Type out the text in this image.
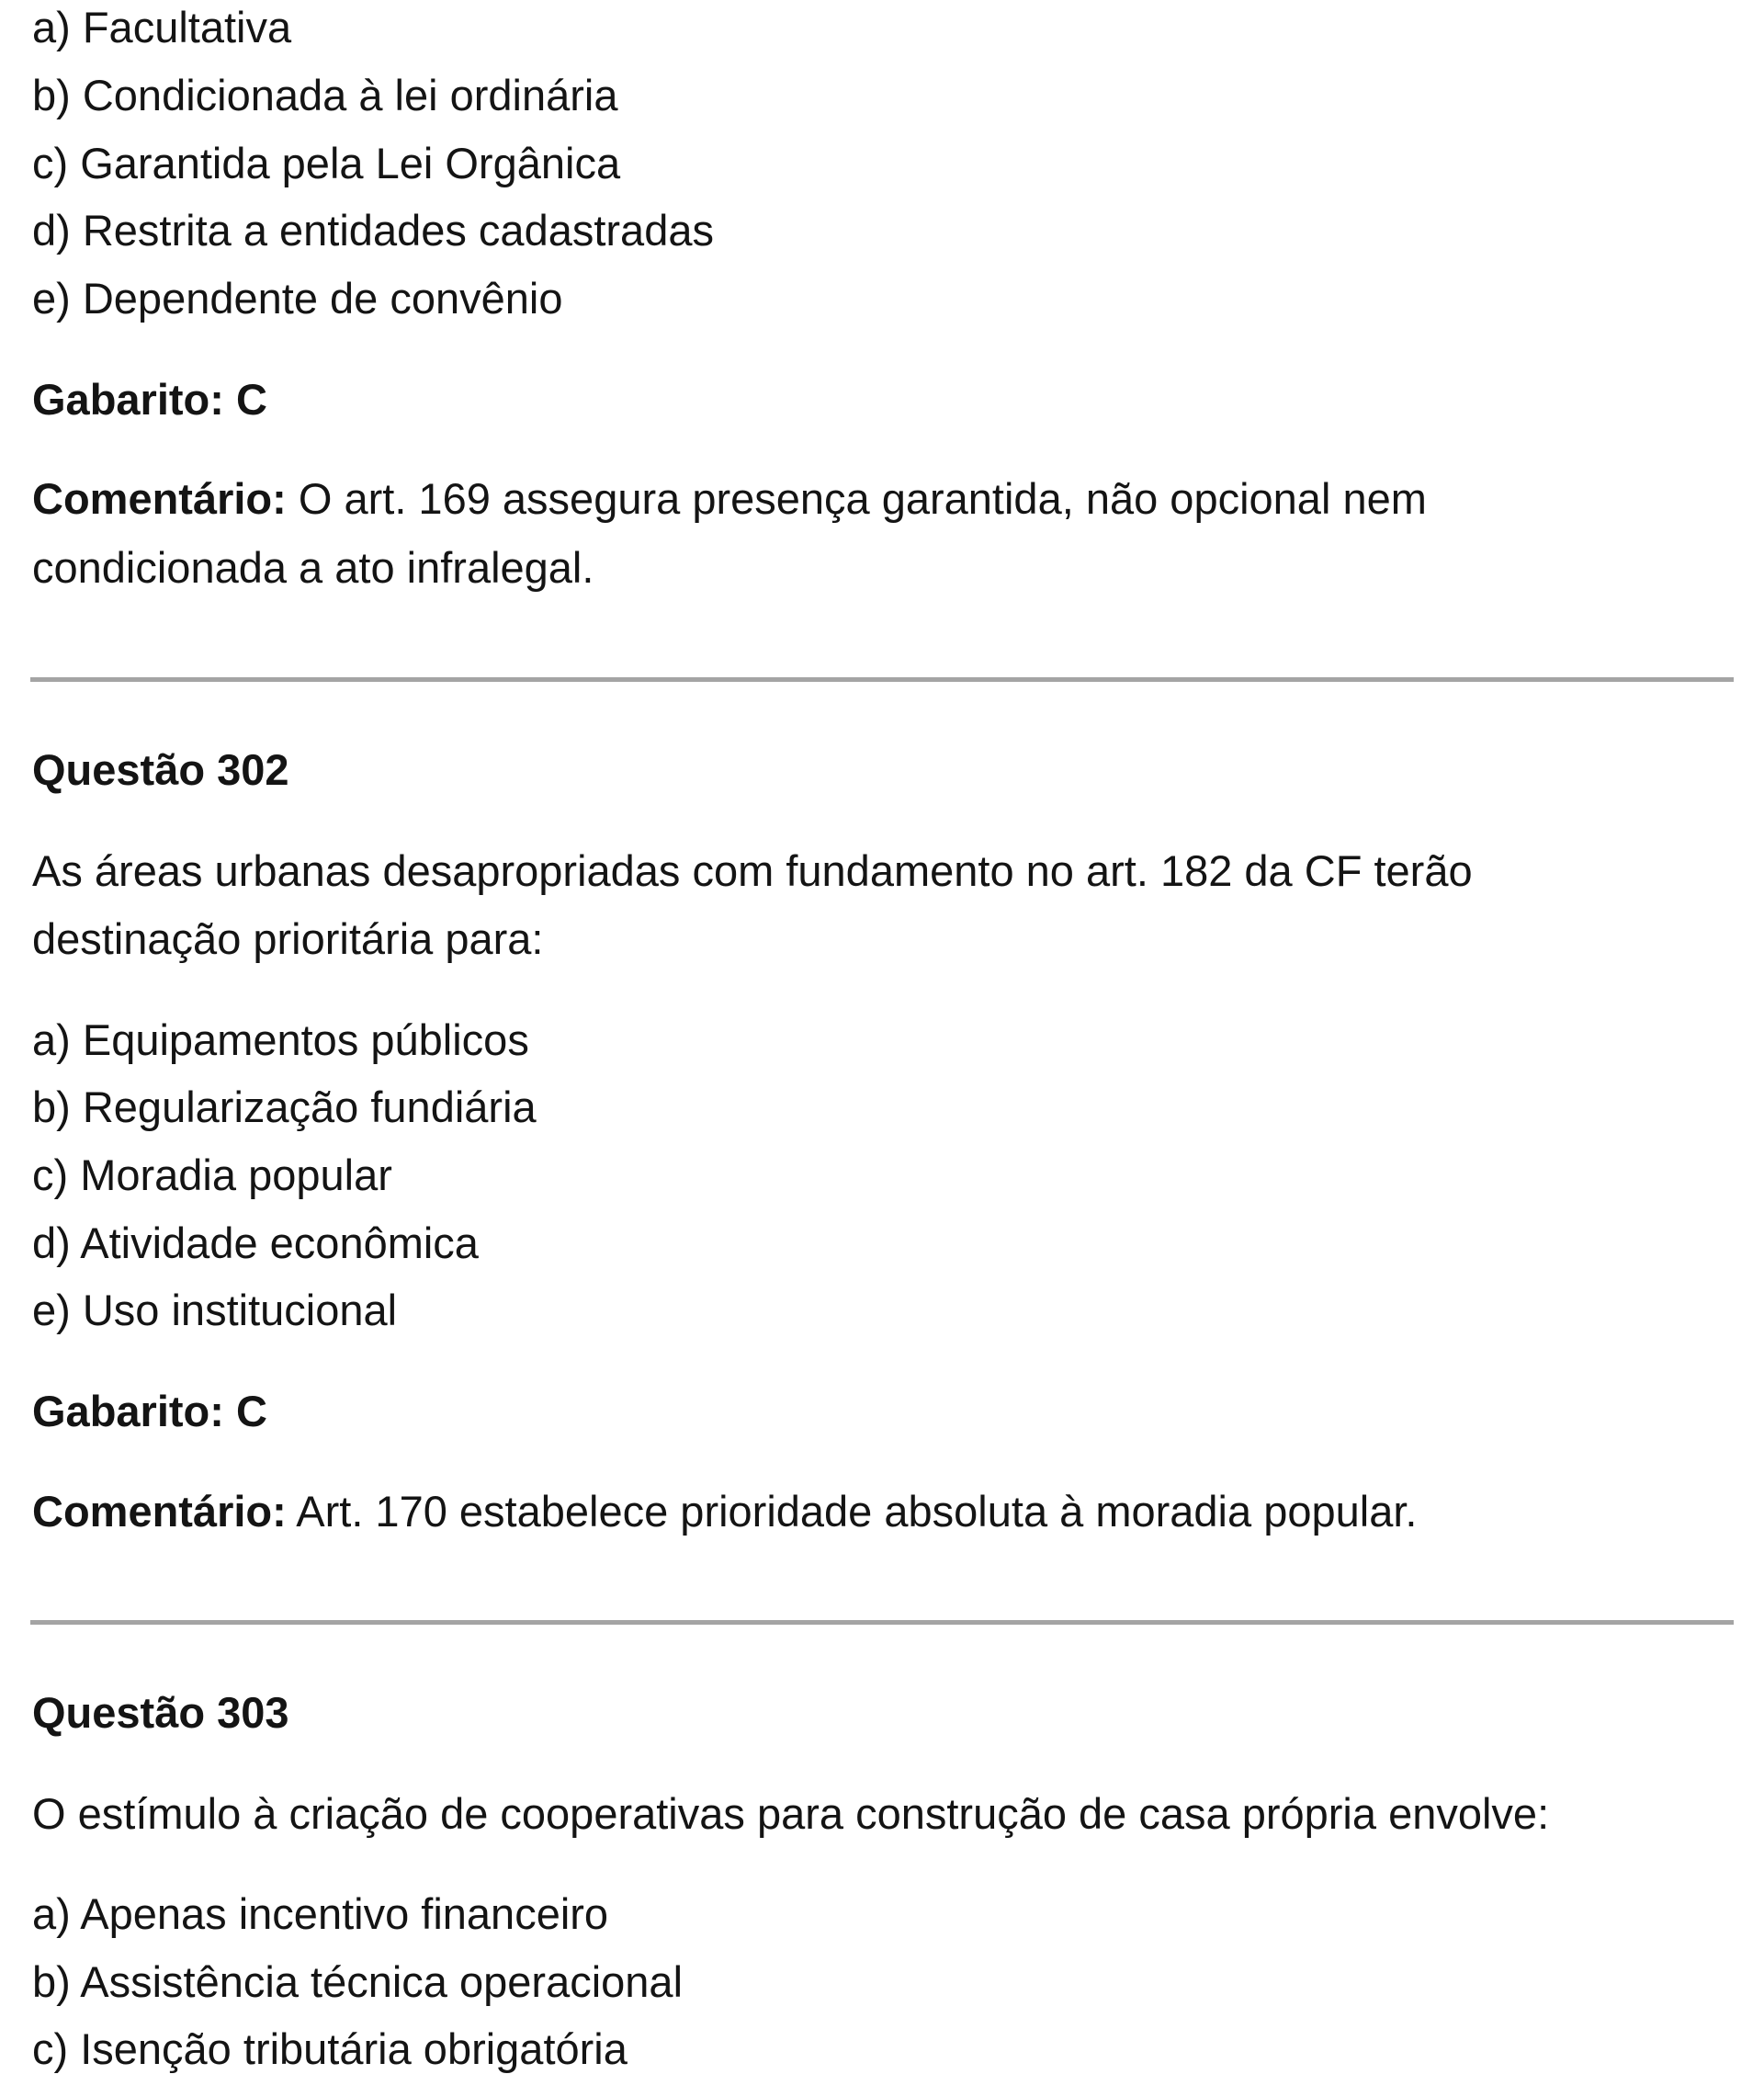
a) Facultativa

b) Condicionada à lei ordinária

c) Garantida pela Lei Orgânica

d) Restrita a entidades cadastradas

e) Dependente de convênio

Gabarito: C

Comentário: O art. 169 assegura presença garantida, não opcional nem

condicionada a ato infralegal.

Questão 302

As áreas urbanas desapropriadas com fundamento no art. 182 da CF terão

destinação prioritária para:

a) Equipamentos públicos

b) Regularização fundiária

c) Moradia popular

d) Atividade econômica

e) Uso institucional

Gabarito: C

Comentário: Art. 170 estabelece prioridade absoluta à moradia popular.

Questão 303

O estímulo à criação de cooperativas para construção de casa própria envolve:

a) Apenas incentivo financeiro

b) Assistência técnica operacional

c) Isenção tributária obrigatória
